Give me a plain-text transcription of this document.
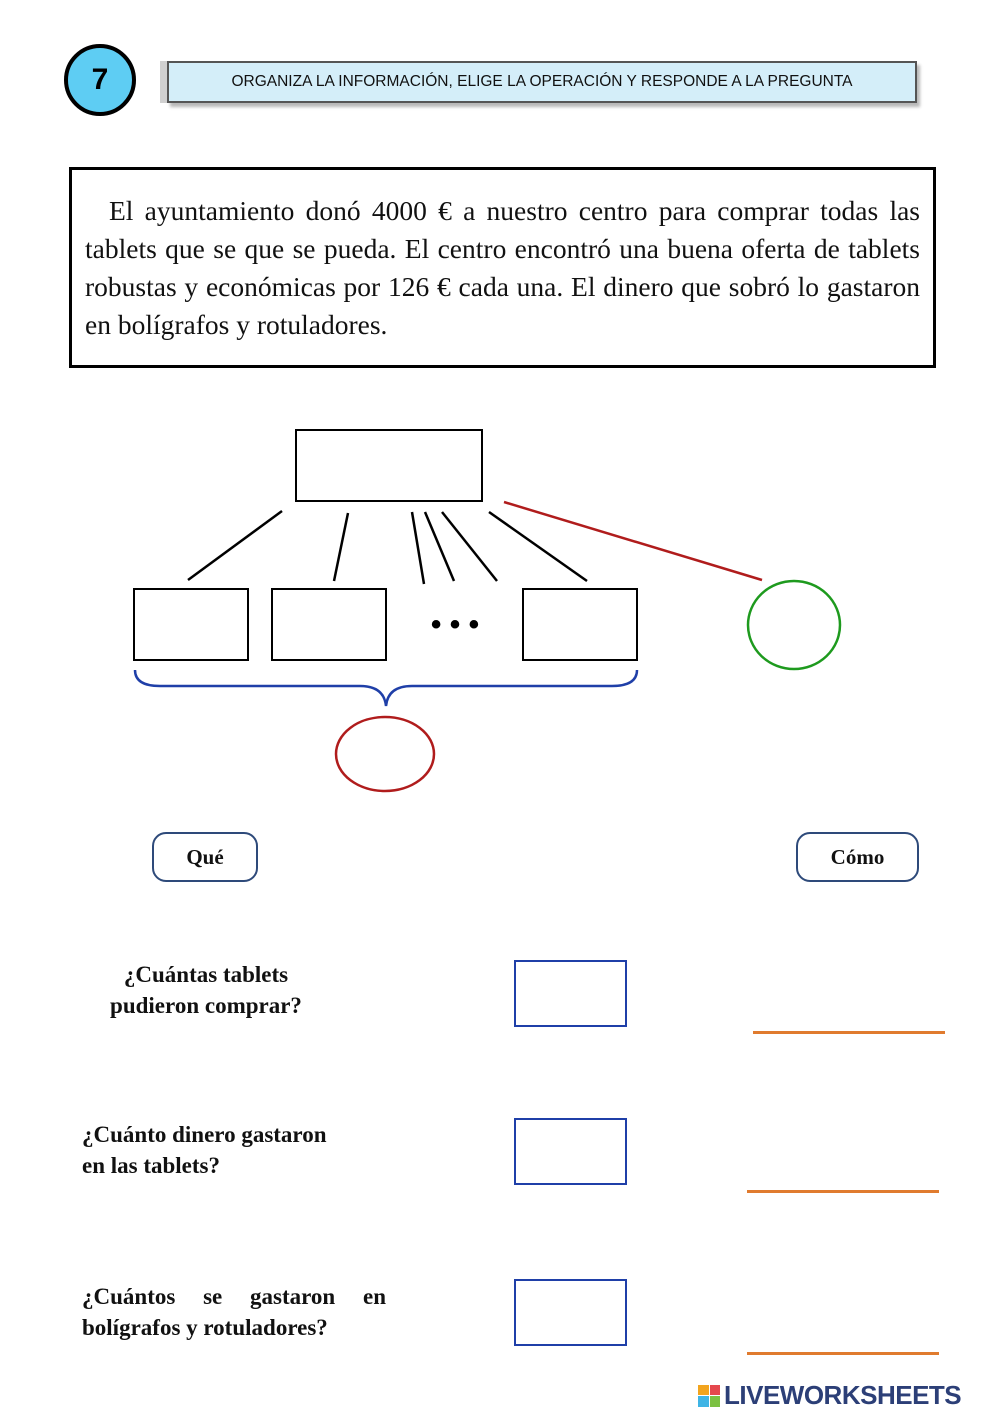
7	ORGANIZA LA INFORMACIÓN, ELIGE LA OPERACIÓN Y RESPONDE A LA PREGUNTA

El ayuntamiento donó 4000 € a nuestro centro para comprar todas las tablets que se que se pueda. El centro encontró una buena oferta de tablets robustas y económicas por 126 € cada una. El dinero que sobró lo gastaron en bolígrafos y rotuladores.

• • •
Qué	Cómo

¿Cuántas tablets
pudieron comprar?

¿Cuánto dinero gastaron
en las tablets?

¿Cuántos se gastaron en
bolígrafos y rotuladores?

LIVEWORKSHEETS
